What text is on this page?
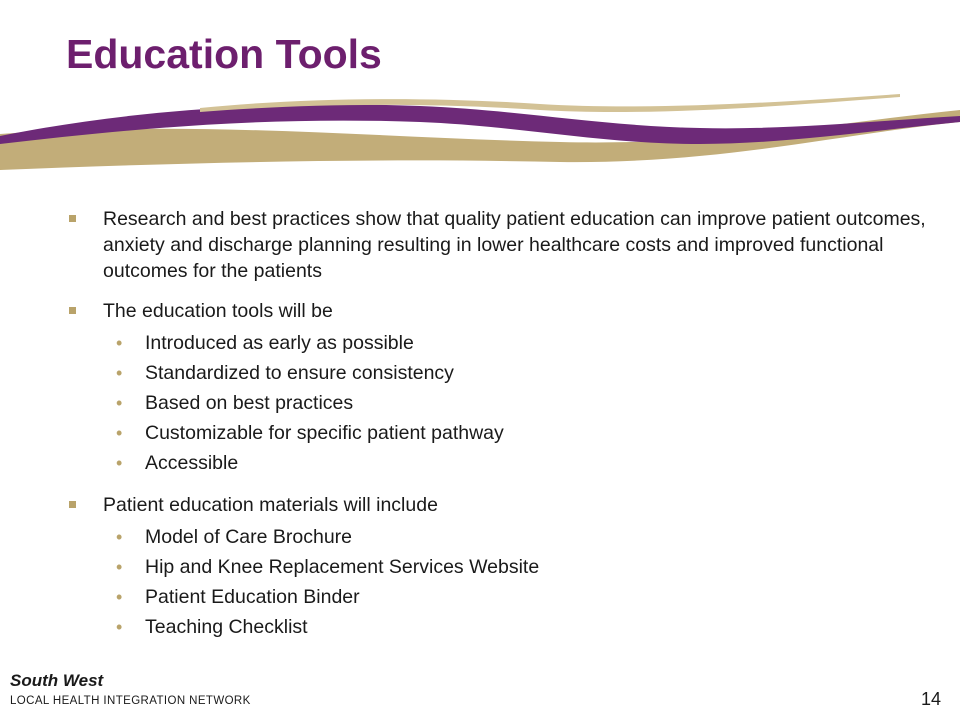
Education Tools
Research and best practices show that quality patient education can improve patient outcomes, anxiety and discharge planning resulting in lower healthcare costs and improved functional outcomes for the patients
The education tools will be
• Introduced as early as possible
• Standardized to ensure consistency
• Based on best practices
• Customizable for specific patient pathway
• Accessible
Patient education materials will include
• Model of Care Brochure
• Hip and Knee Replacement Services Website
• Patient Education Binder
• Teaching Checklist
South West
LOCAL HEALTH INTEGRATION NETWORK	14
